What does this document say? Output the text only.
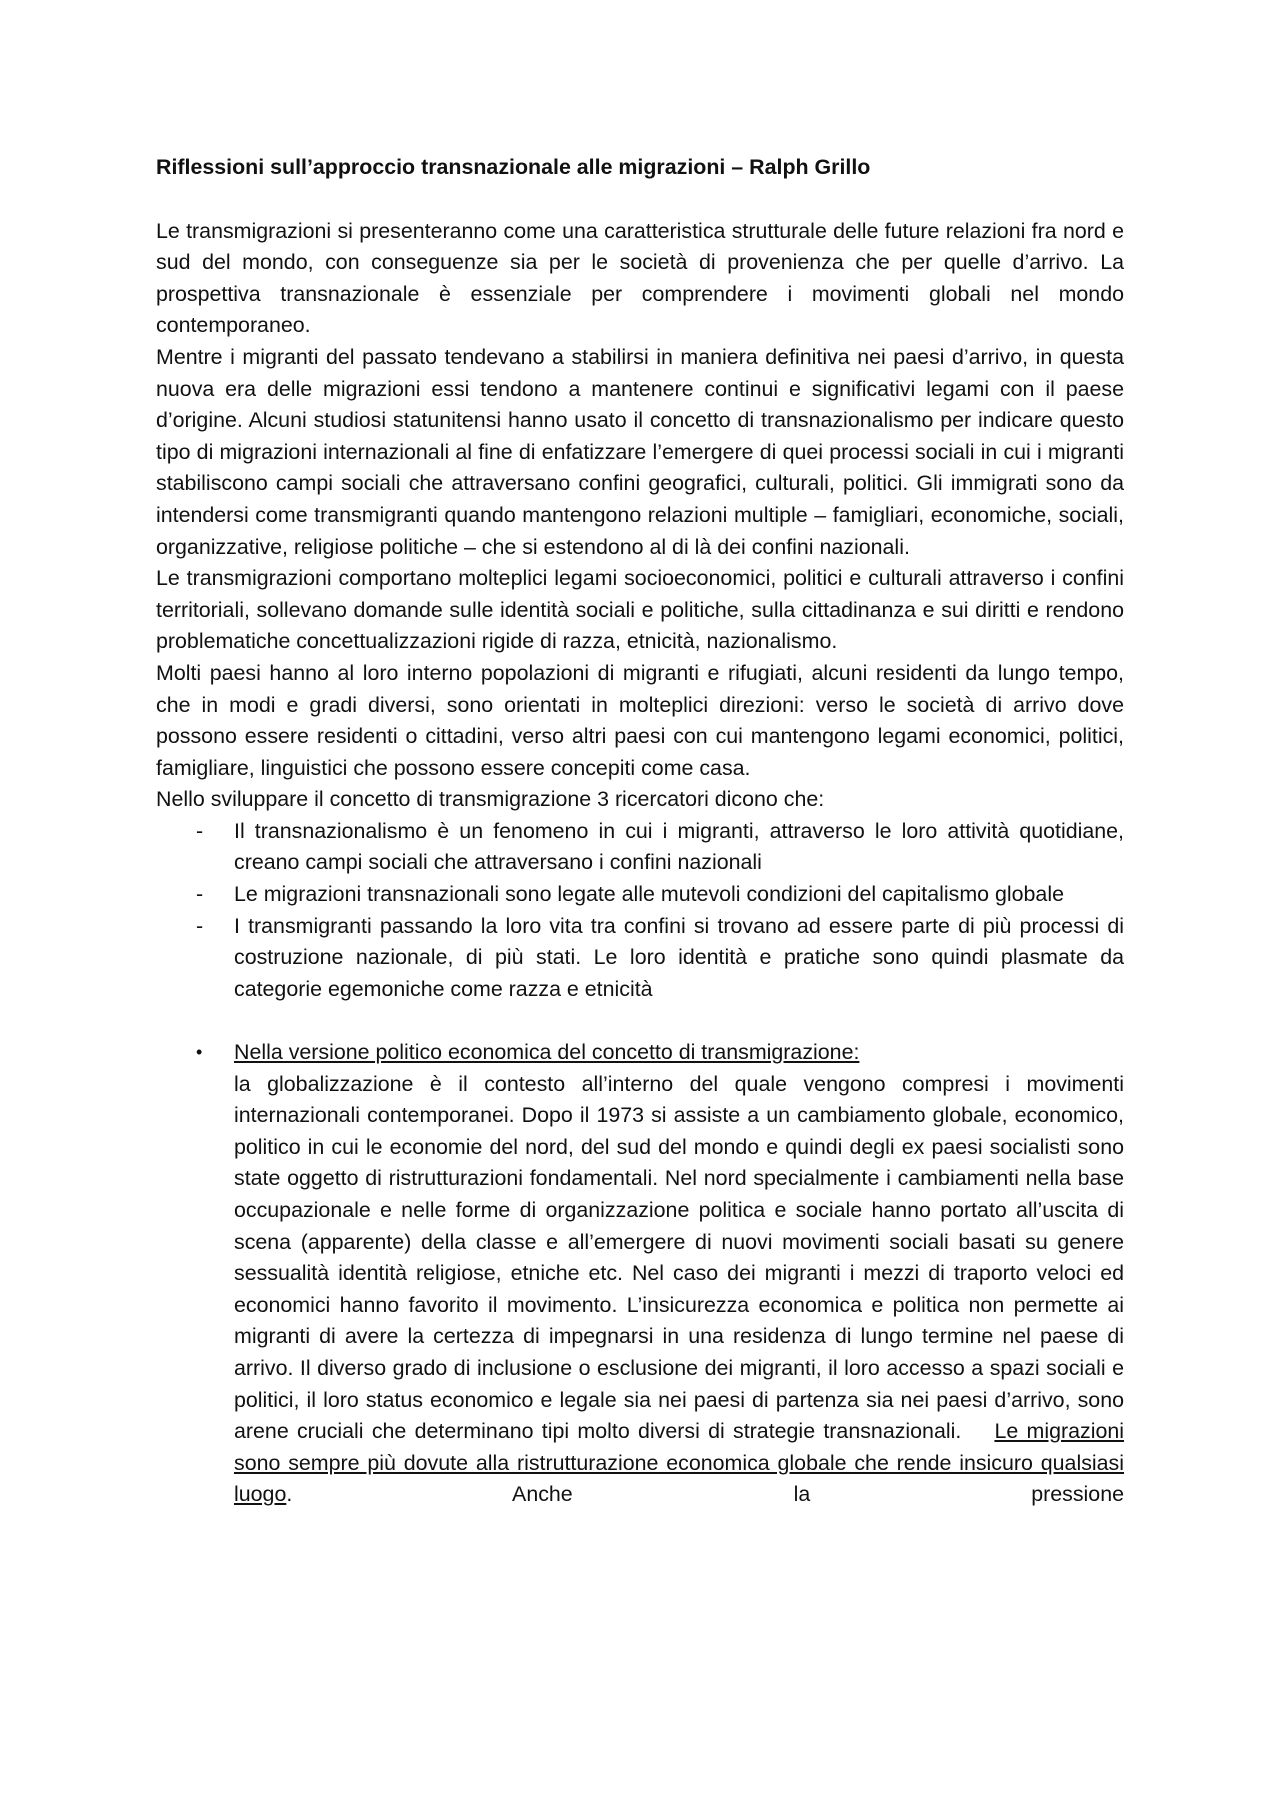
Riflessioni sull’approccio transnazionale alle migrazioni – Ralph Grillo

Le transmigrazioni si presenteranno come una caratteristica strutturale delle future relazioni fra nord e sud del mondo, con conseguenze sia per le società di provenienza che per quelle d’arrivo. La prospettiva transnazionale è essenziale per comprendere i movimenti globali nel mondo contemporaneo.

Mentre i migranti del passato tendevano a stabilirsi in maniera definitiva nei paesi d’arrivo, in questa nuova era delle migrazioni essi tendono a mantenere continui e significativi legami con il paese d’origine. Alcuni studiosi statunitensi hanno usato il concetto di transnazionalismo per indicare questo tipo di migrazioni internazionali al fine di enfatizzare l’emergere di quei processi sociali in cui i migranti stabiliscono campi sociali che attraversano confini geografici, culturali, politici. Gli immigrati sono da intendersi come transmigranti quando mantengono relazioni multiple – famigliari, economiche, sociali, organizzative, religiose politiche – che si estendono al di là dei confini nazionali.

Le transmigrazioni comportano molteplici legami socioeconomici, politici e culturali attraverso i confini territoriali, sollevano domande sulle identità sociali e politiche, sulla cittadinanza e sui diritti e rendono problematiche concettualizzazioni rigide di razza, etnicità, nazionalismo.

Molti paesi hanno al loro interno popolazioni di migranti e rifugiati, alcuni residenti da lungo tempo, che in modi e gradi diversi, sono orientati in molteplici direzioni: verso le società di arrivo dove possono essere residenti o cittadini, verso altri paesi con cui mantengono legami economici, politici, famigliare, linguistici che possono essere concepiti come casa.

Nello sviluppare il concetto di transmigrazione 3 ricercatori dicono che:

- Il transnazionalismo è un fenomeno in cui i migranti, attraverso le loro attività quotidiane, creano campi sociali che attraversano i confini nazionali
- Le migrazioni transnazionali sono legate alle mutevoli condizioni del capitalismo globale
- I transmigranti passando la loro vita tra confini si trovano ad essere parte di più processi di costruzione nazionale, di più stati. Le loro identità e pratiche sono quindi plasmate da categorie egemoniche come razza e etnicità
• Nella versione politico economica del concetto di transmigrazione:
la globalizzazione è il contesto all’interno del quale vengono compresi i movimenti internazionali contemporanei. Dopo il 1973 si assiste a un cambiamento globale, economico, politico in cui le economie del nord, del sud del mondo e quindi degli ex paesi socialisti sono state oggetto di ristrutturazioni fondamentali. Nel nord specialmente i cambiamenti nella base occupazionale e nelle forme di organizzazione politica e sociale hanno portato all’uscita di scena (apparente) della classe e all’emergere di nuovi movimenti sociali basati su genere sessualità identità religiose, etniche etc. Nel caso dei migranti i mezzi di traporto veloci ed economici hanno favorito il movimento. L’insicurezza economica e politica non permette ai migranti di avere la certezza di impegnarsi in una residenza di lungo termine nel paese di arrivo. Il diverso grado di inclusione o esclusione dei migranti, il loro accesso a spazi sociali e politici, il loro status economico e legale sia nei paesi di partenza sia nei paesi d’arrivo, sono arene cruciali che determinano tipi molto diversi di strategie transnazionali. Le migrazioni sono sempre più dovute alla ristrutturazione economica globale che rende insicuro qualsiasi luogo. Anche la pressione
